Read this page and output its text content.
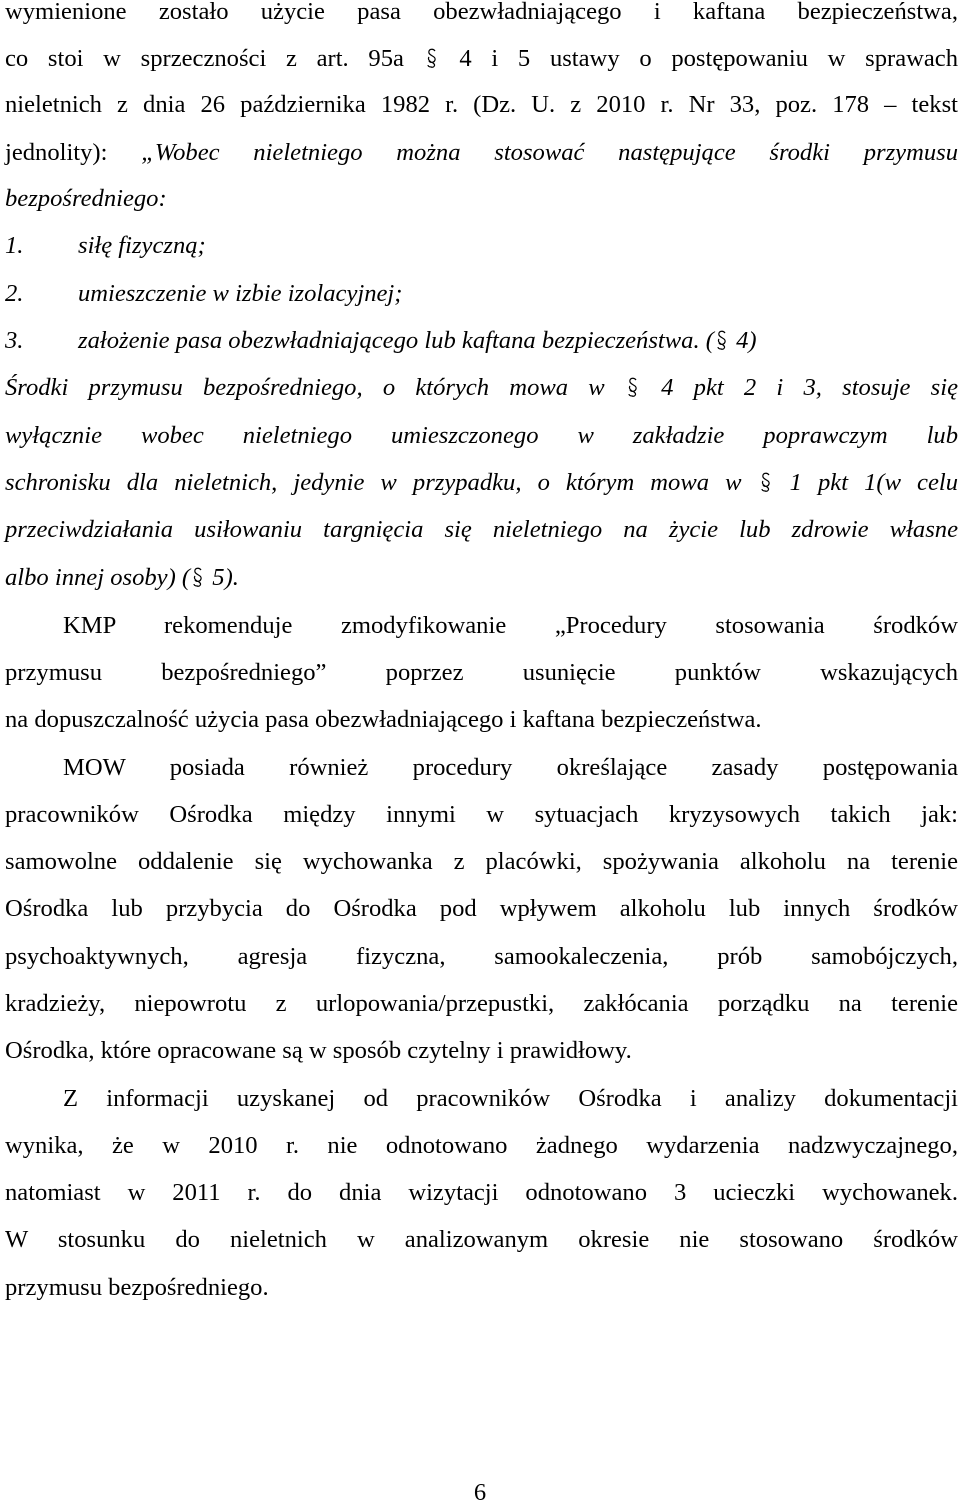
wymienione zostało użycie pasa obezwładniającego i kaftana bezpieczeństwa,
co stoi w sprzeczności z art. 95a 4 i 5 ustawy o postępowaniu w sprawach
nieletnich z dnia 26 października 1982 r. (Dz. U. z 2010 r. Nr 33, poz. 178 – tekst
jednolity): „Wobec nieletniego można stosować następujące środki przymusu
bezpośredniego:
1. siłę fizyczną;
2. umieszczenie w izbie izolacyjnej;
3. założenie pasa obezwładniającego lub kaftana bezpieczeństwa. ( 4)
Środki przymusu bezpośredniego, o których mowa w 4 pkt 2 i 3, stosuje się
wyłącznie wobec nieletniego umieszczonego w zakładzie poprawczym lub
schronisku dla nieletnich, jedynie w przypadku, o którym mowa w 1 pkt 1(w celu
przeciwdziałania usiłowaniu targnięcia się nieletniego na życie lub zdrowie własne
albo innej osoby) ( 5).
KMP rekomenduje zmodyfikowanie „Procedury stosowania środków
przymusu bezpośredniego” poprzez usunięcie punktów wskazujących
na dopuszczalność użycia pasa obezwładniającego i kaftana bezpieczeństwa.
MOW posiada również procedury określające zasady postępowania
pracowników Ośrodka między innymi w sytuacjach kryzysowych takich jak:
samowolne oddalenie się wychowanka z placówki, spożywania alkoholu na terenie
Ośrodka lub przybycia do Ośrodka pod wpływem alkoholu lub innych środków
psychoaktywnych, agresja fizyczna, samookaleczenia, prób samobójczych,
kradzieży, niepowrotu z urlopowania/przepustki, zakłócania porządku na terenie
Ośrodka, które opracowane są w sposób czytelny i prawidłowy.
Z informacji uzyskanej od pracowników Ośrodka i analizy dokumentacji
wynika, że w 2010 r. nie odnotowano żadnego wydarzenia nadzwyczajnego,
natomiast w 2011 r. do dnia wizytacji odnotowano 3 ucieczki wychowanek.
W stosunku do nieletnich w analizowanym okresie nie stosowano środków
przymusu bezpośredniego.
6
